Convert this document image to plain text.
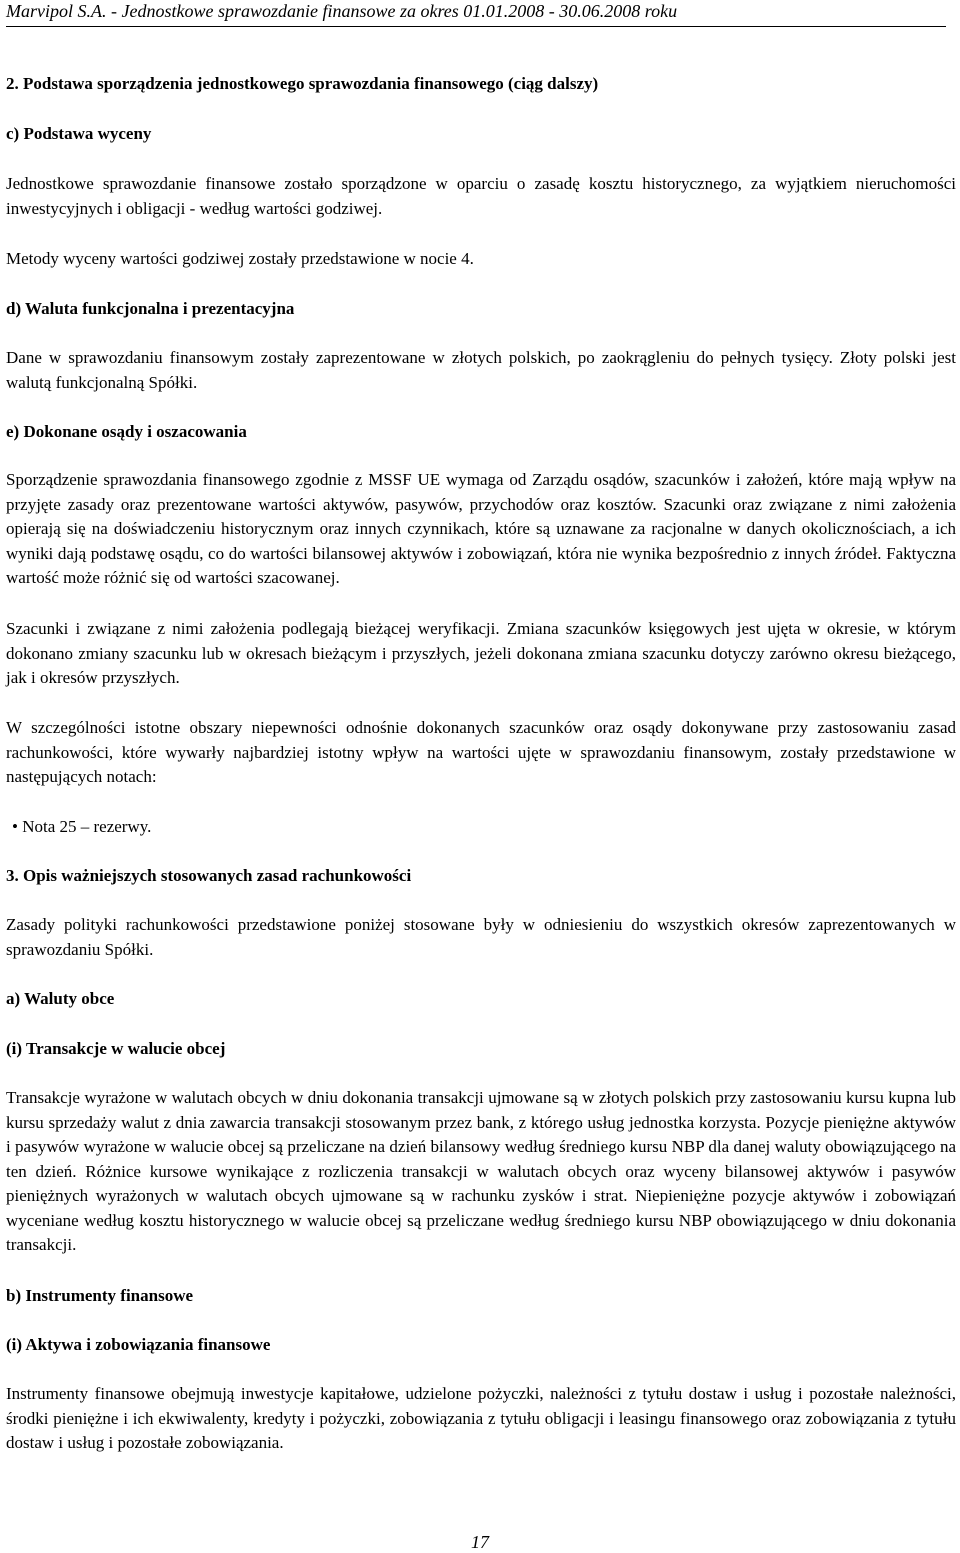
Marvipol S.A. - Jednostkowe sprawozdanie finansowe za okres 01.01.2008 - 30.06.2008 roku
2. Podstawa sporządzenia jednostkowego sprawozdania finansowego (ciąg dalszy)
c) Podstawa wyceny
Jednostkowe sprawozdanie finansowe zostało sporządzone w oparciu o zasadę kosztu historycznego, za wyjątkiem nieruchomości inwestycyjnych i obligacji - według wartości godziwej.
Metody wyceny wartości godziwej zostały przedstawione w nocie 4.
d) Waluta funkcjonalna i prezentacyjna
Dane w sprawozdaniu finansowym zostały zaprezentowane w złotych polskich, po zaokrągleniu do pełnych tysięcy. Złoty polski jest walutą funkcjonalną Spółki.
e) Dokonane osądy i oszacowania
Sporządzenie sprawozdania finansowego zgodnie z MSSF UE wymaga od Zarządu osądów, szacunków i założeń, które mają wpływ na przyjęte zasady oraz prezentowane wartości aktywów, pasywów, przychodów oraz kosztów. Szacunki oraz związane z nimi założenia opierają się na doświadczeniu historycznym oraz innych czynnikach, które są uznawane za racjonalne w danych okolicznościach, a ich wyniki dają podstawę osądu, co do wartości bilansowej aktywów i zobowiązań, która nie wynika bezpośrednio z innych źródeł. Faktyczna wartość może różnić się od wartości szacowanej.
Szacunki i związane z nimi założenia podlegają bieżącej weryfikacji. Zmiana szacunków księgowych jest ujęta w okresie, w którym dokonano zmiany szacunku lub w okresach bieżącym i przyszłych, jeżeli dokonana zmiana szacunku dotyczy zarówno okresu bieżącego, jak i okresów przyszłych.
W szczególności istotne obszary niepewności odnośnie dokonanych szacunków oraz osądy dokonywane przy zastosowaniu zasad rachunkowości, które wywarły najbardziej istotny wpływ na wartości ujęte w sprawozdaniu finansowym, zostały przedstawione w następujących notach:
• Nota 25 – rezerwy.
3. Opis ważniejszych stosowanych zasad rachunkowości
Zasady polityki rachunkowości przedstawione poniżej stosowane były w odniesieniu do wszystkich okresów zaprezentowanych w sprawozdaniu Spółki.
a) Waluty obce
(i) Transakcje w walucie obcej
Transakcje wyrażone w walutach obcych w dniu dokonania transakcji ujmowane są w złotych polskich przy zastosowaniu kursu kupna lub kursu sprzedaży walut z dnia zawarcia transakcji stosowanym przez bank, z którego usług jednostka korzysta. Pozycje pieniężne aktywów i pasywów wyrażone w walucie obcej są przeliczane na dzień bilansowy według średniego kursu NBP dla danej waluty obowiązującego na ten dzień. Różnice kursowe wynikające z rozliczenia transakcji w walutach obcych oraz wyceny bilansowej aktywów i pasywów pieniężnych wyrażonych w walutach obcych ujmowane są w rachunku zysków i strat. Niepieniężne pozycje aktywów i zobowiązań wyceniane według kosztu historycznego w walucie obcej są przeliczane według średniego kursu NBP obowiązującego w dniu dokonania transakcji.
b) Instrumenty finansowe
(i) Aktywa i zobowiązania finansowe
Instrumenty finansowe obejmują inwestycje kapitałowe, udzielone pożyczki, należności z tytułu dostaw i usług i pozostałe należności, środki pieniężne i ich ekwiwalenty, kredyty i pożyczki, zobowiązania z tytułu obligacji i leasingu finansowego oraz zobowiązania z tytułu dostaw i usług i pozostałe zobowiązania.
17
